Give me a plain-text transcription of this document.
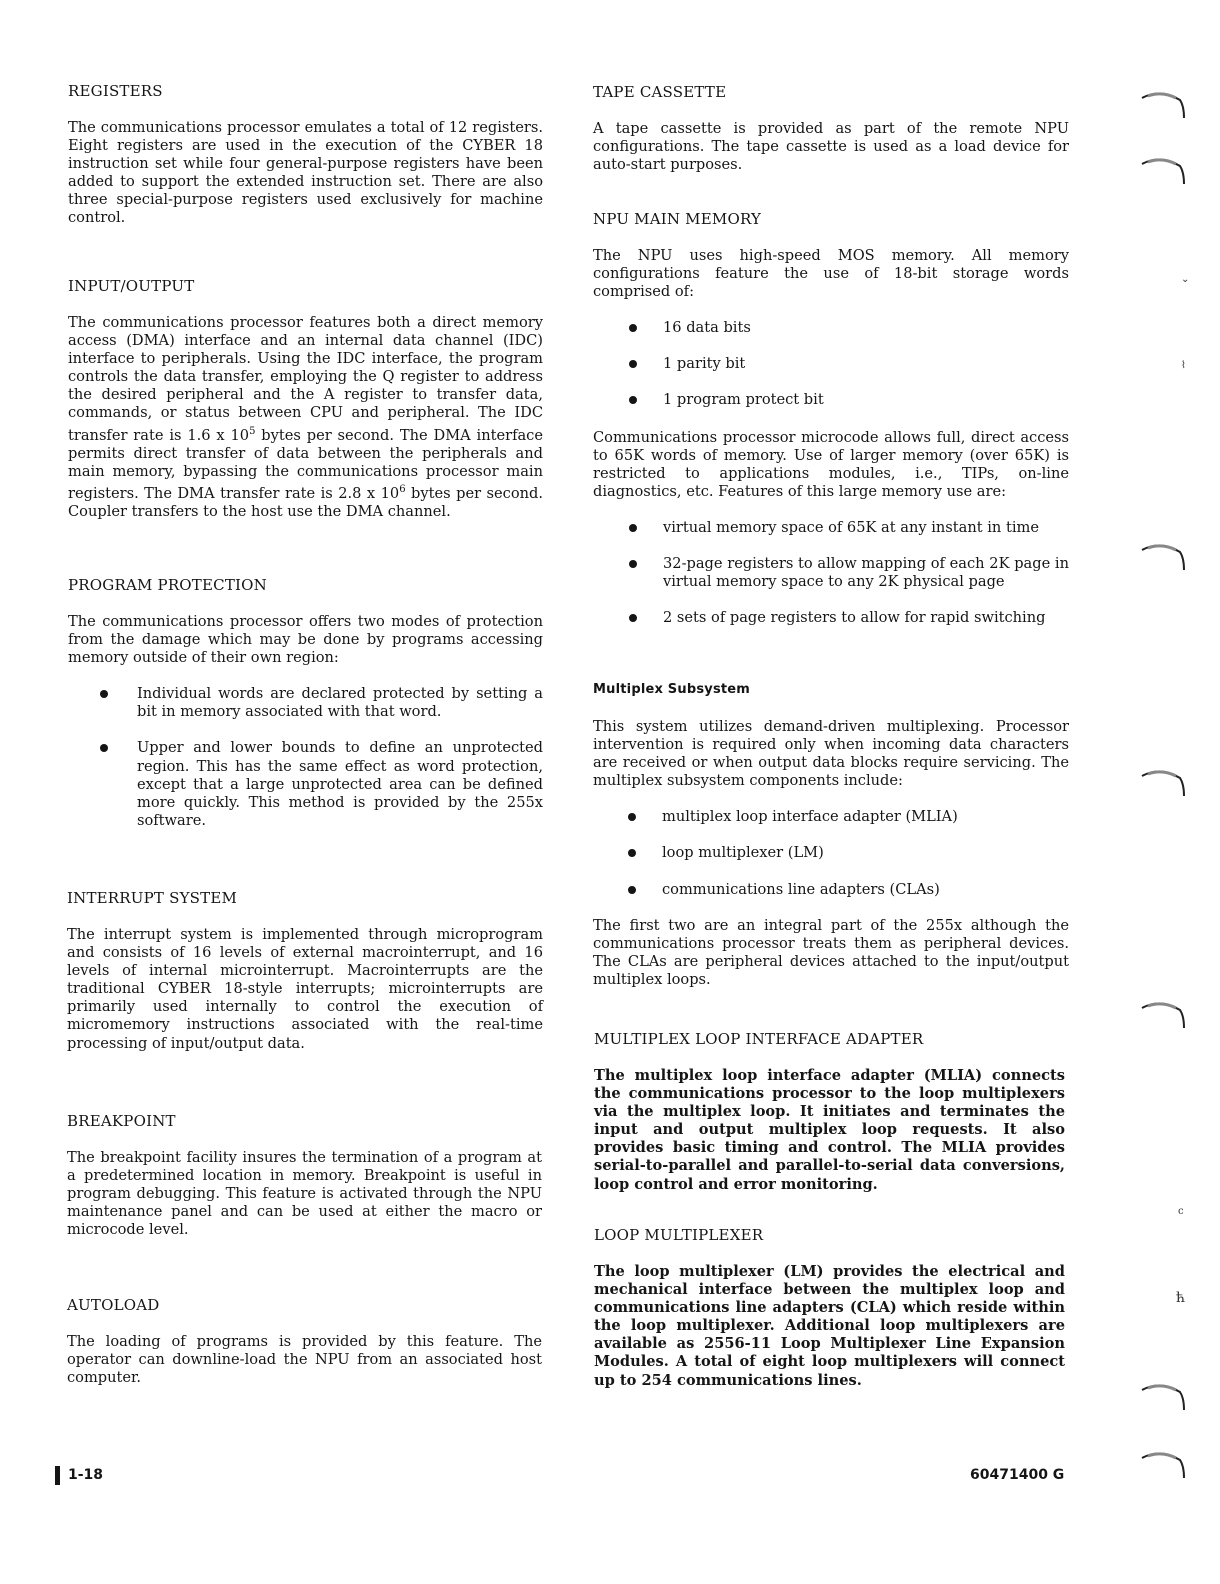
REGISTERS

The communications processor emulates a total of 12 registers. Eight registers are used in the execution of the CYBER 18 instruction set while four general-purpose registers have been added to support the extended instruction set. There are also three special-purpose registers used exclusively for machine control.

INPUT/OUTPUT

The communications processor features both a direct memory access (DMA) interface and an internal data channel (IDC) interface to peripherals. Using the IDC interface, the program controls the data transfer, employing the Q register to address the desired peripheral and the A register to transfer data, commands, or status between CPU and peripheral. The IDC transfer rate is 1.6 x $10^5$ bytes per second. The DMA interface permits direct transfer of data between the peripherals and main memory, bypassing the communications processor main registers. The DMA transfer rate is 2.8 x $10^6$ bytes per second. Coupler transfers to the host use the DMA channel.

PROGRAM PROTECTION

The communications processor offers two modes of protection from the damage which may be done by programs accessing memory outside of their own region:

Individual words are declared protected by setting a bit in memory associated with that word.
Upper and lower bounds to define an unprotected region. This has the same effect as word protection, except that a large unprotected area can be defined more quickly. This method is provided by the 255x software.
INTERRUPT SYSTEM

The interrupt system is implemented through microprogram and consists of 16 levels of external macrointerrupt, and 16 levels of internal microinterrupt. Macrointerrupts are the traditional CYBER 18-style interrupts; microinterrupts are primarily used internally to control the execution of micromemory instructions associated with the real-time processing of input/output data.

BREAKPOINT

The breakpoint facility insures the termination of a program at a predetermined location in memory. Breakpoint is useful in program debugging. This feature is activated through the NPU maintenance panel and can be used at either the macro or microcode level.

AUTOLOAD

The loading of programs is provided by this feature. The operator can downline-load the NPU from an associated host computer.

TAPE CASSETTE

A tape cassette is provided as part of the remote NPU configurations. The tape cassette is used as a load device for auto-start purposes.

NPU MAIN MEMORY

The NPU uses high-speed MOS memory. All memory configurations feature the use of 18-bit storage words comprised of:

16 data bits
1 parity bit
1 program protect bit

Communications processor microcode allows full, direct access to 65K words of memory. Use of larger memory (over 65K) is restricted to applications modules, i.e., TIPs, on-line diagnostics, etc. Features of this large memory use are:

virtual memory space of 65K at any instant in time
32-page registers to allow mapping of each 2K page in virtual memory space to any 2K physical page
2 sets of page registers to allow for rapid switching
Multiplex Subsystem

This system utilizes demand-driven multiplexing. Processor intervention is required only when incoming data characters are received or when output data blocks require servicing. The multiplex subsystem components include:

multiplex loop interface adapter (MLIA)
loop multiplexer (LM)
communications line adapters (CLAs)

The first two are an integral part of the 255x although the communications processor treats them as peripheral devices. The CLAs are peripheral devices attached to the input/output multiplex loops.

MULTIPLEX LOOP INTERFACE ADAPTER

The multiplex loop interface adapter (MLIA) connects the communications processor to the loop multiplexers via the multiplex loop. It initiates and terminates the input and output multiplex loop requests. It also provides basic timing and control. The MLIA provides serial-to-parallel and parallel-to-serial data conversions, loop control and error monitoring.

LOOP MULTIPLEXER

The loop multiplexer (LM) provides the electrical and mechanical interface between the multiplex loop and communications line adapters (CLA) which reside within the loop multiplexer. Additional loop multiplexers are available as 2556-11 Loop Multiplexer Line Expansion Modules. A total of eight loop multiplexers will connect up to 254 communications lines.

1-18	60471400 G
⌄
⌇
ϲ
ћ
